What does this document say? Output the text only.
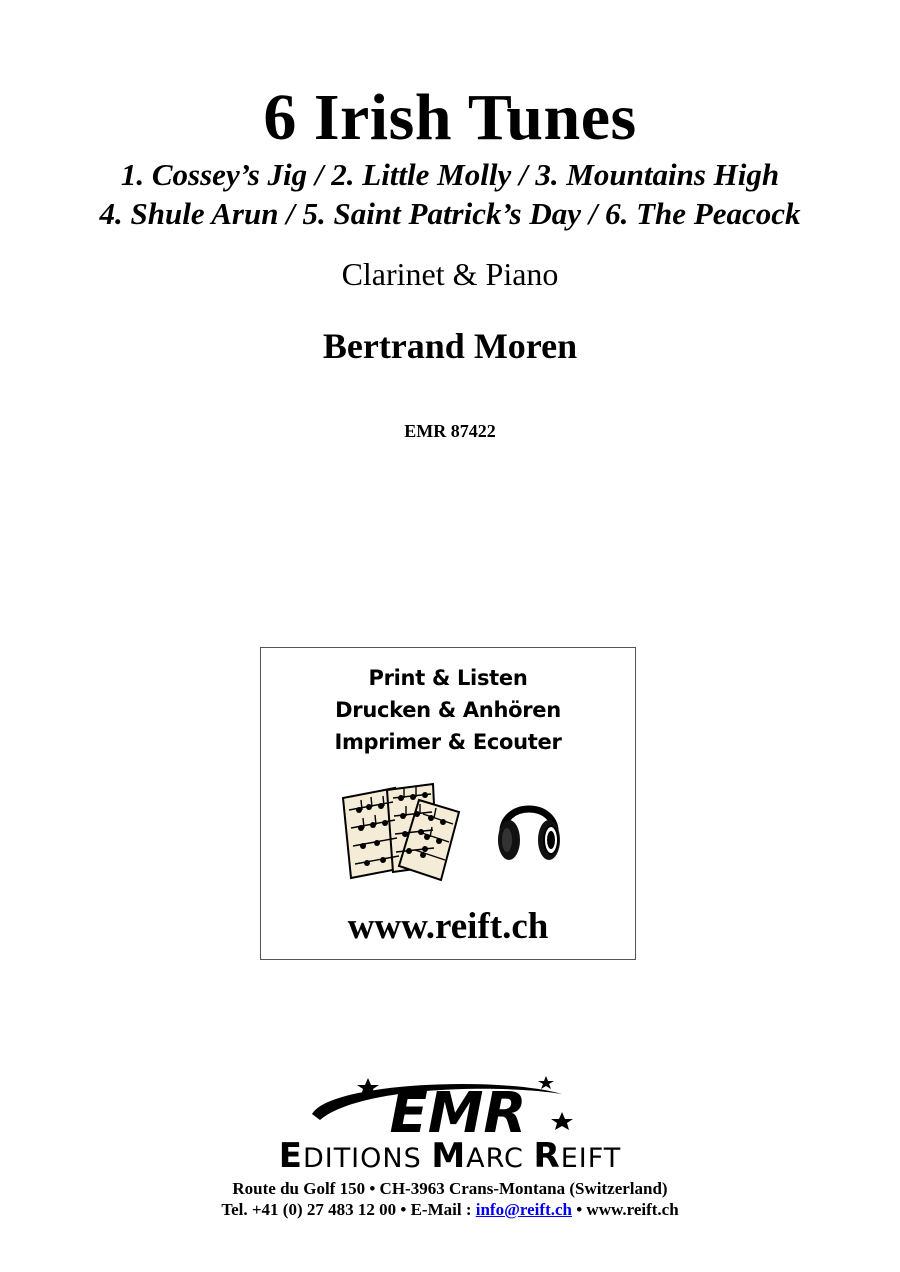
6 Irish Tunes
1. Cossey’s Jig / 2. Little Molly / 3. Mountains High
4. Shule Arun / 5. Saint Patrick’s Day / 6. The Peacock
Clarinet & Piano
Bertrand Moren
EMR 87422
Print & Listen
Drucken & Anhören
Imprimer & Ecouter
www.reift.ch
EMR
EDITIONS MARC REIFT
Route du Golf 150 • CH-3963 Crans-Montana (Switzerland)
Tel. +41 (0) 27 483 12 00 • E-Mail : info@reift.ch • www.reift.ch
